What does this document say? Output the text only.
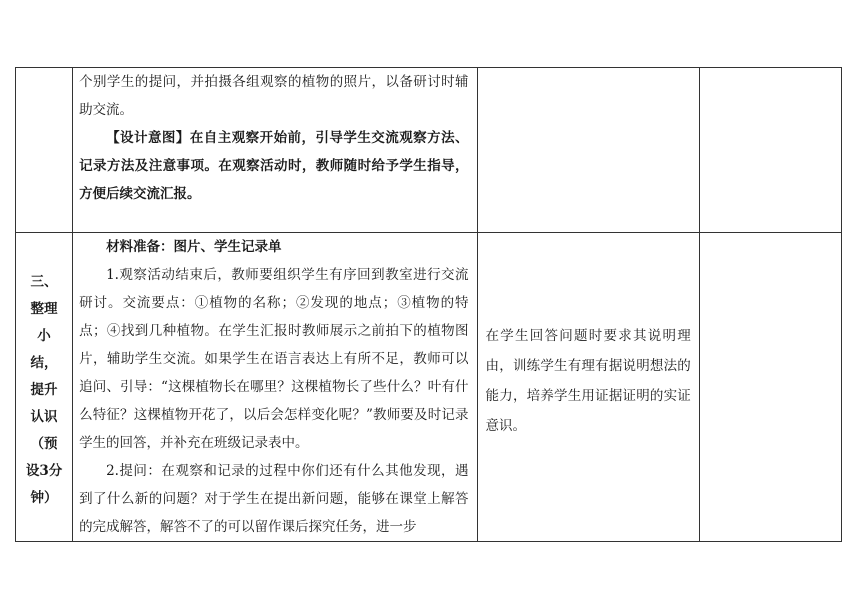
	个别学生的提问，并拍摄各组观察的植物的照片，以备研讨时辅助交流。

【设计意图】在自主观察开始前，引导学生交流观察方法、记录方法及注意事项。在观察活动时，教师随时给予学生指导，方便后续交流汇报。		

三、整理小结，提升认识（预设3分钟）	材料准备：图片、学生记录单

1.观察活动结束后，教师要组织学生有序回到教室进行交流研讨。交流要点：①植物的名称；②发现的地点；③植物的特点；④找到几种植物。在学生汇报时教师展示之前拍下的植物图片，辅助学生交流。如果学生在语言表达上有所不足，教师可以追问、引导：“这棵植物长在哪里？这棵植物长了些什么？叶有什么特征？这棵植物开花了，以后会怎样变化呢？”教师要及时记录学生的回答，并补充在班级记录表中。

2.提问：在观察和记录的过程中你们还有什么其他发现，遇到了什么新的问题？对于学生在提出新问题，能够在课堂上解答的完成解答，解答不了的可以留作课后探究任务，进一步	在学生回答问题时要求其说明理由，训练学生有理有据说明想法的能力，培养学生用证据证明的实证意识。	
